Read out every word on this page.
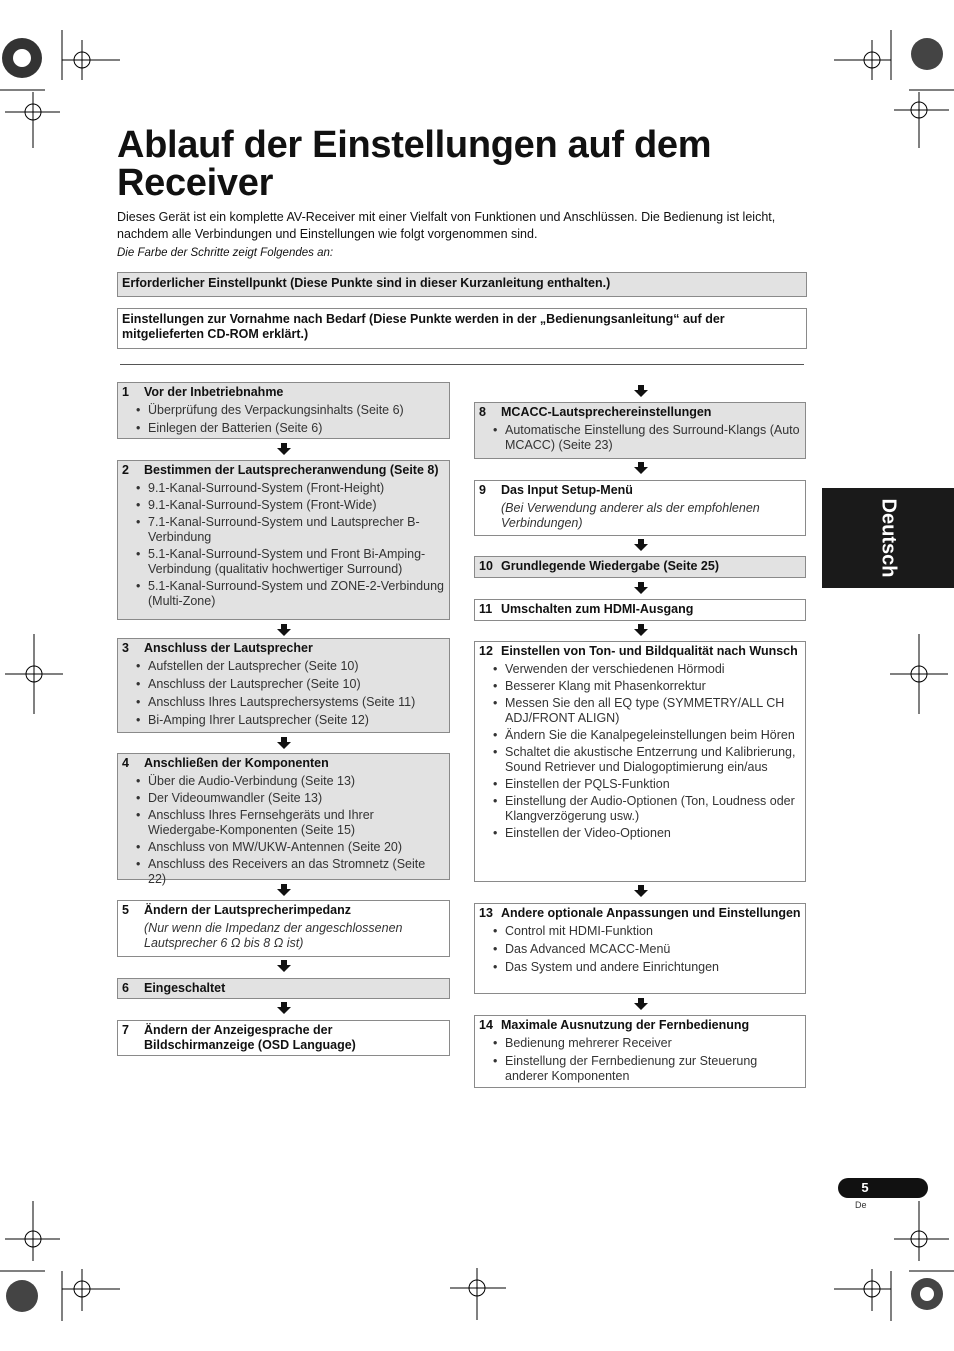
Ablauf der Einstellungen auf dem Receiver

Dieses Gerät ist ein komplette AV-Receiver mit einer Vielfalt von Funktionen und Anschlüssen. Die Bedienung ist leicht, nachdem alle Verbindungen und Einstellungen wie folgt vorgenommen sind.

Die Farbe der Schritte zeigt Folgendes an:

Erforderlicher Einstellpunkt (Diese Punkte sind in dieser Kurzanleitung enthalten.)
Einstellungen zur Vornahme nach Bedarf (Diese Punkte werden in der „Bedienungsanleitung“ auf der mitgelieferten CD-ROM erklärt.)
1	Vor der Inbetriebnahme
• Überprüfung des Verpackungsinhalts (Seite 6)
• Einlegen der Batterien (Seite 6)
2	Bestimmen der Lautsprecheranwendung (Seite 8)
• 9.1-Kanal-Surround-System (Front-Height)
• 9.1-Kanal-Surround-System (Front-Wide)
• 7.1-Kanal-Surround-System und Lautsprecher B-Verbindung
• 5.1-Kanal-Surround-System und Front Bi-Amping-Verbindung (qualitativ hochwertiger Surround)
• 5.1-Kanal-Surround-System und ZONE-2-Verbindung (Multi-Zone)
3	Anschluss der Lautsprecher
• Aufstellen der Lautsprecher (Seite 10)
• Anschluss der Lautsprecher (Seite 10)
• Anschluss Ihres Lautsprechersystems (Seite 11)
• Bi-Amping Ihrer Lautsprecher (Seite 12)
4	Anschließen der Komponenten
• Über die Audio-Verbindung (Seite 13)
• Der Videoumwandler (Seite 13)
• Anschluss Ihres Fernsehgeräts und Ihrer Wiedergabe-Komponenten (Seite 15)
• Anschluss von MW/UKW-Antennen (Seite 20)
• Anschluss des Receivers an das Stromnetz (Seite 22)
5	Ändern der Lautsprecherimpedanz
(Nur wenn die Impedanz der angeschlossenen Lautsprecher 6 Ω bis 8 Ω ist)
6	Eingeschaltet
7	Ändern der Anzeigesprache der Bildschirmanzeige (OSD Language)
8	MCACC-Lautsprechereinstellungen
• Automatische Einstellung des Surround-Klangs (Auto MCACC) (Seite 23)
9	Das Input Setup-Menü
(Bei Verwendung anderer als der empfohlenen Verbindungen)
10 Grundlegende Wiedergabe (Seite 25)
11 Umschalten zum HDMI-Ausgang
12 Einstellen von Ton- und Bildqualität nach Wunsch
• Verwenden der verschiedenen Hörmodi
• Besserer Klang mit Phasenkorrektur
• Messen Sie den all EQ type (SYMMETRY/ALL CH ADJ/FRONT ALIGN)
• Ändern Sie die Kanalpegeleinstellungen beim Hören
• Schaltet die akustische Entzerrung und Kalibrierung, Sound Retriever und Dialogoptimierung ein/aus
• Einstellen der PQLS-Funktion
• Einstellung der Audio-Optionen (Ton, Loudness oder Klangverzögerung usw.)
• Einstellen der Video-Optionen
13 Andere optionale Anpassungen und Einstellungen
• Control mit HDMI-Funktion
• Das Advanced MCACC-Menü
• Das System und andere Einrichtungen
14 Maximale Ausnutzung der Fernbedienung
• Bedienung mehrerer Receiver
• Einstellung der Fernbedienung zur Steuerung anderer Komponenten
Deutsch
5
De
